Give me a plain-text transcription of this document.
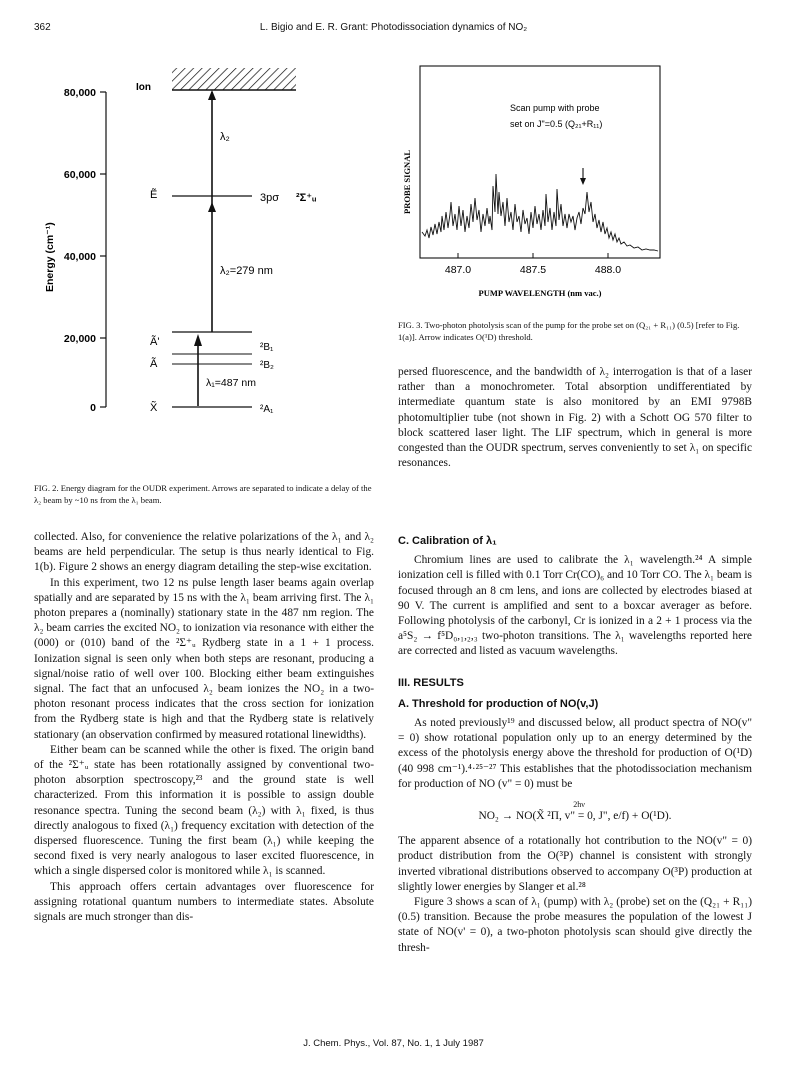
362	L. Bigio and E. R. Grant: Photodissociation dynamics of NO₂
80,000
60,000
40,000
20,000
0
Energy (cm⁻¹)
Ion
λ₂
Ẽ	3pσ ²Σ⁺ᵤ
λ₂=279 nm
Ã'	²B₁
Ã	²B₂
λ₁=487 nm
X̃	²A₁
FIG. 2. Energy diagram for the OUDR experiment. Arrows are separated to indicate a delay of the λ₂ beam by ~10 ns from the λ₁ beam.
Scan pump with probe
set on J"=0.5 (Q₂₁+R₁₁)
PROBE SIGNAL
487.0	487.5	488.0
PUMP WAVELENGTH (nm vac.)
FIG. 3. Two-photon photolysis scan of the pump for the probe set on (Q₂₁ + R₁₁) (0.5) [refer to Fig. 1(a)]. Arrow indicates O(¹D) threshold.

persed fluorescence, and the bandwidth of λ₂ interrogation is that of a laser rather than a monochrometer. Total absorption undifferentiated by intermediate quantum state is also monitored by an EMI 9798B photomultiplier tube (not shown in Fig. 2) with a Schott OG 570 filter to block scattered laser light. The LIF spectrum, which in general is more congested than the OUDR spectrum, serves conveniently to set λ₁ on specific resonances.

collected. Also, for convenience the relative polarizations of the λ₁ and λ₂ beams are held perpendicular. The setup is thus nearly identical to Fig. 1(b). Figure 2 shows an energy diagram detailing the step-wise excitation.

In this experiment, two 12 ns pulse length laser beams again overlap spatially and are separated by 15 ns with the λ₁ beam arriving first. The λ₁ photon prepares a (nominally) stationary state in the 487 nm region. The λ₂ beam carries the excited NO₂ to ionization via resonance with either the (000) or (010) band of the ²Σ⁺ᵤ Rydberg state in a 1 + 1 process. Ionization signal is seen only when both steps are resonant, producing a signal/noise ratio of well over 100. Blocking either beam extinguishes signal. The fact that an unfocused λ₂ beam ionizes the NO₂ in a two-photon resonant process indicates that the cross section for ionization from the Rydberg state is high and that the Rydberg state is relatively stationary (an observation confirmed by measured rotational linewidths).

Either beam can be scanned while the other is fixed. The origin band of the ²Σ⁺ᵤ state has been rotationally assigned by conventional two-photon absorption spectroscopy,²³ and the ground state is well characterized. From this information it is possible to assign double resonance spectra. Tuning the second beam (λ₂) with λ₁ fixed, is thus directly analogous to fixed (λ₁) frequency excitation with detection of the dispersed fluorescence. Tuning the first beam (λ₁) while keeping the second fixed is very nearly analogous to laser excited fluorescence, in which a single dispersed color is monitored while λ₁ is scanned.

This approach offers certain advantages over fluorescence for assigning rotational quantum numbers to intermediate states. Absolute signals are much stronger than dis-

C. Calibration of λ₁

Chromium lines are used to calibrate the λ₁ wavelength.²⁴ A simple ionization cell is filled with 0.1 Torr Cr(CO)₆ and 10 Torr CO. The λ₁ beam is focused through an 8 cm lens, and ions are collected by electrodes biased at 90 V. The current is amplified and sent to a boxcar averager as before. Following photolysis of the carbonyl, Cr is ionized in a 2 + 1 process via the a⁵S₂ → f⁵D₀,₁,₂,₃ two-photon transitions. The λ₁ wavelengths reported here are corrected and listed as vacuum wavelengths.

III. RESULTS
A. Threshold for production of NO(v,J)

As noted previously¹⁹ and discussed below, all product spectra of NO(v" = 0) show rotational population only up to an energy determined by the excess of the photolysis energy above the threshold for production of O(¹D) (40 998 cm⁻¹).⁴·²⁵⁻²⁷ This establishes that the photodissociation mechanism for production of NO (v" = 0) must be

2hν
NO₂ → NO(X̃ ²Π, v" = 0, J", e/f) + O(¹D).

The apparent absence of a rotationally hot contribution to the NO(v" = 0) product distribution from the O(³P) channel is consistent with strongly inverted vibrational distributions observed to accompany O(³P) production at slightly lower energies by Slanger et al.²⁸

Figure 3 shows a scan of λ₁ (pump) with λ₂ (probe) set on the (Q₂₁ + R₁₁) (0.5) transition. Because the probe measures the population of the lowest J state of NO(v' = 0), a two-photon photolysis scan should give directly the thresh-

J. Chem. Phys., Vol. 87, No. 1, 1 July 1987
